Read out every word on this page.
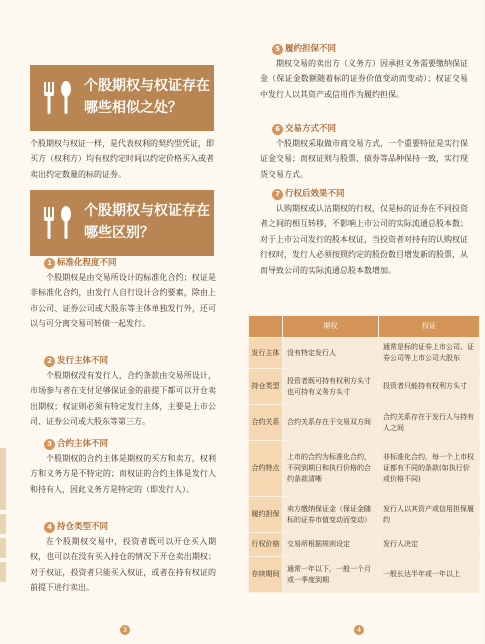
个股期权与权证存在哪些相似之处？
个股期权与权证一样，是代表权利的契约型凭证，即买方（权利方）均有权约定时间以约定价格买入或者卖出约定数量的标的证券。
个股期权与权证存在哪些区别？
1 标准化程度不同
个股期权是由交易所设计的标准化合约；权证是非标准化合约，由发行人自行设计合约要素，除由上市公司、证券公司或大股东等主体单独发行外，还可以与可分离交易可转债一起发行。
2 发行主体不同
个股期权没有发行人，合约条款由交易所设计，市场参与者在支付足够保证金的前提下都可以开仓卖出期权；权证则必须有特定发行主体，主要是上市公司、证券公司或大股东等第三方。
3 合约主体不同
个股期权的合约主体是期权的买方和卖方，权利方和义务方是不特定的；而权证的合约主体是发行人和持有人，因此义务方是特定的（即发行人）。
4 持仓类型不同
在个股期权交易中，投资者既可以开仓买入期权，也可以在没有买入持仓的情况下开仓卖出期权；对于权证，投资者只能买入权证，或者在持有权证的前提下进行卖出。
3
5 履约担保不同
期权交易的卖出方（义务方）因承担义务需要缴纳保证金（保证金数额随着标的证券价值变动而变动）；权证交易中发行人以其资产或信用作为履约担保。
6 交易方式不同
个股期权采取做市商交易方式，一个重要特征是实行保证金交易；而权证则与股票、债券等品种保持一致，实行现货交易方式。
7 行权后效果不同
认购期权或认沽期权的行权，仅是标的证券在不同投资者之间的相互转移，不影响上市公司的实际流通总股本数；对于上市公司发行的股本权证，当投资者对持有的认购权证行权时，发行人必须按照约定的股份数目增发新的股票，从而导致公司的实际流通总股本数增加。
	期权	权证
发行主体	没有特定发行人	通常是标的证券上市公司、证券公司等上市公司大股东
持仓类型	投资者既可持有权利方头寸也可持有义务方头寸	投资者只能持有权利方头寸
合约关系	合约关系存在于交易双方间	合约关系存在于发行人与持有人之间
合约特点	上市的合约为标准化合约，不同到期日和执行价格的合约条款清晰	非标准化合约，每一个上市权证都有不同的条款(如执行价或价格不同)
履约担保	卖方缴纳保证金（保证金随标的证券市值变动而变动）	发行人以其资产或信用担保履约
行权价格	交易所根据规则设定	发行人决定
存续期间	通常一年以下，一般一个月或一季度到期	一般长达半年或一年以上
4
